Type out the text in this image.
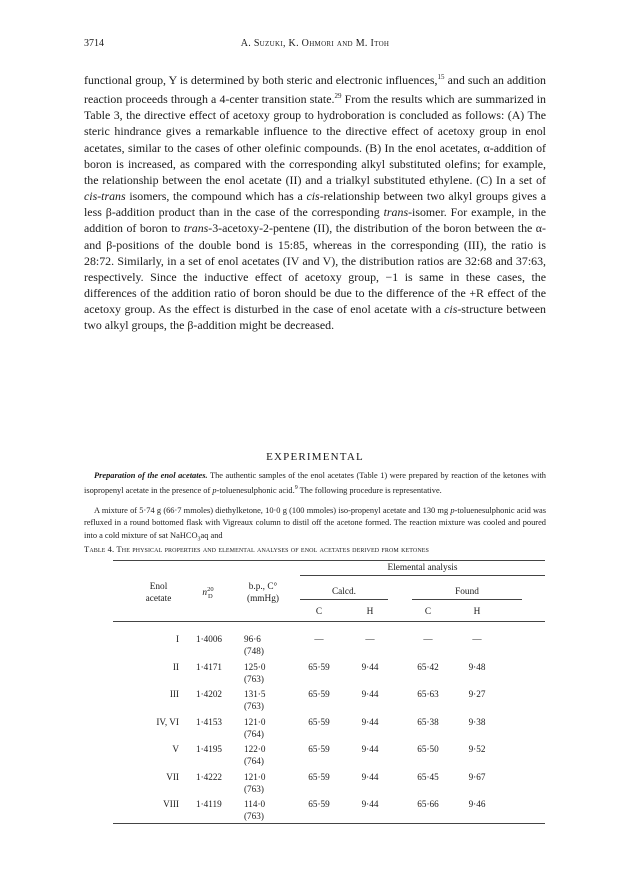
3714	A. Suzuki, K. Ohmori and M. Itoh

functional group, Y is determined by both steric and electronic influences,$^{15}$ and such an addition reaction proceeds through a 4-center transition state.$^{29}$ From the results which are summarized in Table 3, the directive effect of acetoxy group to hydroboration is concluded as follows: (A) The steric hindrance gives a remarkable influence to the directive effect of acetoxy group in enol acetates, similar to the cases of other olefinic compounds. (B) In the enol acetates, α-addition of boron is increased, as compared with the corresponding alkyl substituted olefins; for example, the relationship between the enol acetate (II) and a trialkyl substituted ethylene. (C) In a set of cis-trans isomers, the compound which has a cis-relationship between two alkyl groups gives a less β-addition product than in the case of the corresponding trans-isomer. For example, in the addition of boron to trans-3-acetoxy-2-pentene (II), the distribution of the boron between the α- and β-positions of the double bond is 15:85, whereas in the corresponding (III), the ratio is 28:72. Similarly, in a set of enol acetates (IV and V), the distribution ratios are 32:68 and 37:63, respectively. Since the inductive effect of acetoxy group, −1 is same in these cases, the differences of the addition ratio of boron should be due to the difference of the +R effect of the acetoxy group. As the effect is disturbed in the case of enol acetate with a cis-structure between two alkyl groups, the β-addition might be decreased.

EXPERIMENTAL

Preparation of the enol acetates. The authentic samples of the enol acetates (Table 1) were prepared by reaction of the ketones with isopropenyl acetate in the presence of p-toluenesulphonic acid.$^9$ The following procedure is representative.

A mixture of 5·74 g (66·7 mmoles) diethylketone, 10·0 g (100 mmoles) iso-propenyl acetate and 130 mg p-toluenesulphonic acid was refluxed in a round bottomed flask with Vigreaux column to distil off the acetone formed. The reaction mixture was cooled and poured into a cold mixture of sat NaHCO$_3$aq and

Table 4. The physical properties and elemental analyses of enol acetates derived from ketones
Elemental analysis
Enol
acetate
n 20
D
b.p., C°
(mmHg)
Calcd.	Found
C	H	C	H
I 1·4006	96·6	—	—	—	—
(748)
II 1·4171	125·0	65·59	9·44	65·42	9·48
(763)
III 1·4202	131·5	65·59	9·44	65·63	9·27
(763)
IV, VI 1·4153	121·0	65·59	9·44	65·38	9·38
(764)
V 1·4195	122·0	65·59	9·44	65·50	9·52
(764)
VII 1·4222	121·0	65·59	9·44	65·45	9·67
(763)
VIII 1·4119	114·0	65·59	9·44	65·66	9·46
(763)
